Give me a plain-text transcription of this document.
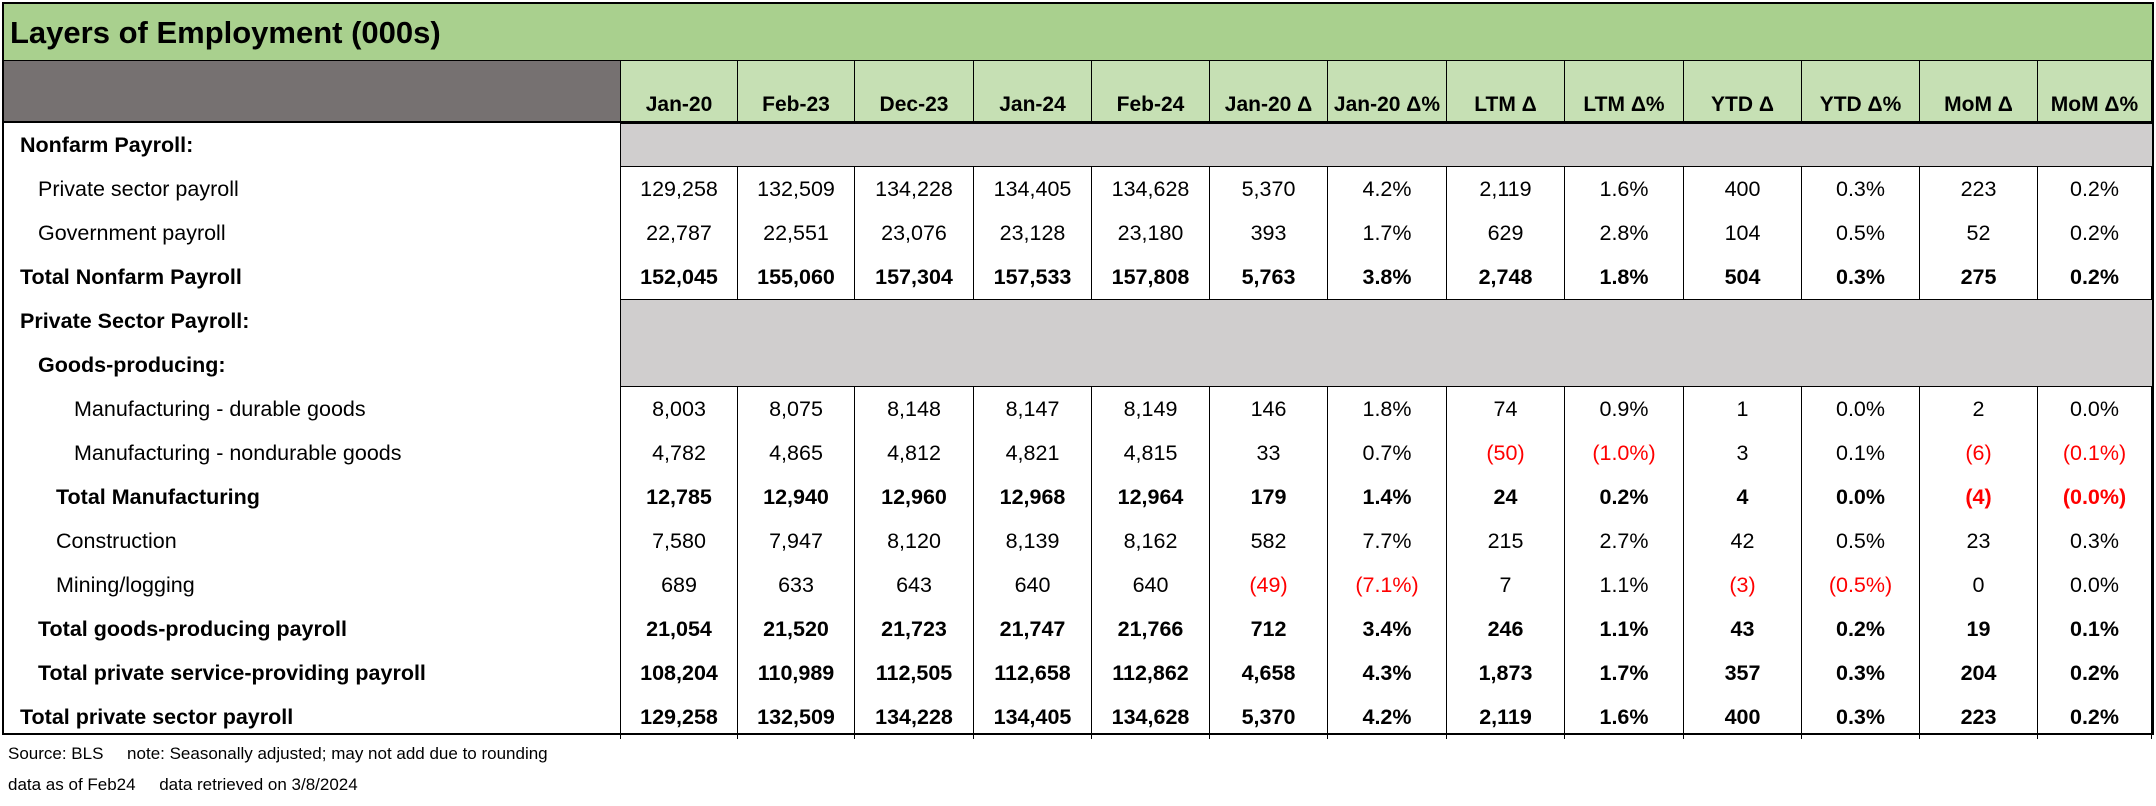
Layers of Employment (000s)
Jan-20	Feb-23	Dec-23	Jan-24	Feb-24	Jan-20 Δ	Jan-20 Δ%	LTM Δ	LTM Δ%	YTD Δ	YTD Δ%	MoM Δ	MoM Δ%
Nonfarm Payroll:
Private sector payroll	129,258	132,509	134,228	134,405	134,628	5,370	4.2%	2,119	1.6%	400	0.3%	223	0.2%
Government payroll	22,787	22,551	23,076	23,128	23,180	393	1.7%	629	2.8%	104	0.5%	52	0.2%
Total Nonfarm Payroll	152,045	155,060	157,304	157,533	157,808	5,763	3.8%	2,748	1.8%	504	0.3%	275	0.2%
Private Sector Payroll:
Goods-producing:
Manufacturing - durable goods	8,003	8,075	8,148	8,147	8,149	146	1.8%	74	0.9%	1	0.0%	2	0.0%
Manufacturing - nondurable goods	4,782	4,865	4,812	4,821	4,815	33	0.7%	(50)	(1.0%)	3	0.1%	(6)	(0.1%)
Total Manufacturing	12,785	12,940	12,960	12,968	12,964	179	1.4%	24	0.2%	4	0.0%	(4)	(0.0%)
Construction	7,580	7,947	8,120	8,139	8,162	582	7.7%	215	2.7%	42	0.5%	23	0.3%
Mining/logging	689	633	643	640	640	(49)	(7.1%)	7	1.1%	(3)	(0.5%)	0	0.0%
Total goods-producing payroll	21,054	21,520	21,723	21,747	21,766	712	3.4%	246	1.1%	43	0.2%	19	0.1%
Total private service-providing payroll	108,204	110,989	112,505	112,658	112,862	4,658	4.3%	1,873	1.7%	357	0.3%	204	0.2%
Total private sector payroll	129,258	132,509	134,228	134,405	134,628	5,370	4.2%	2,119	1.6%	400	0.3%	223	0.2%
Source: BLS     note: Seasonally adjusted; may not add due to rounding
data as of Feb24     data retrieved on 3/8/2024
